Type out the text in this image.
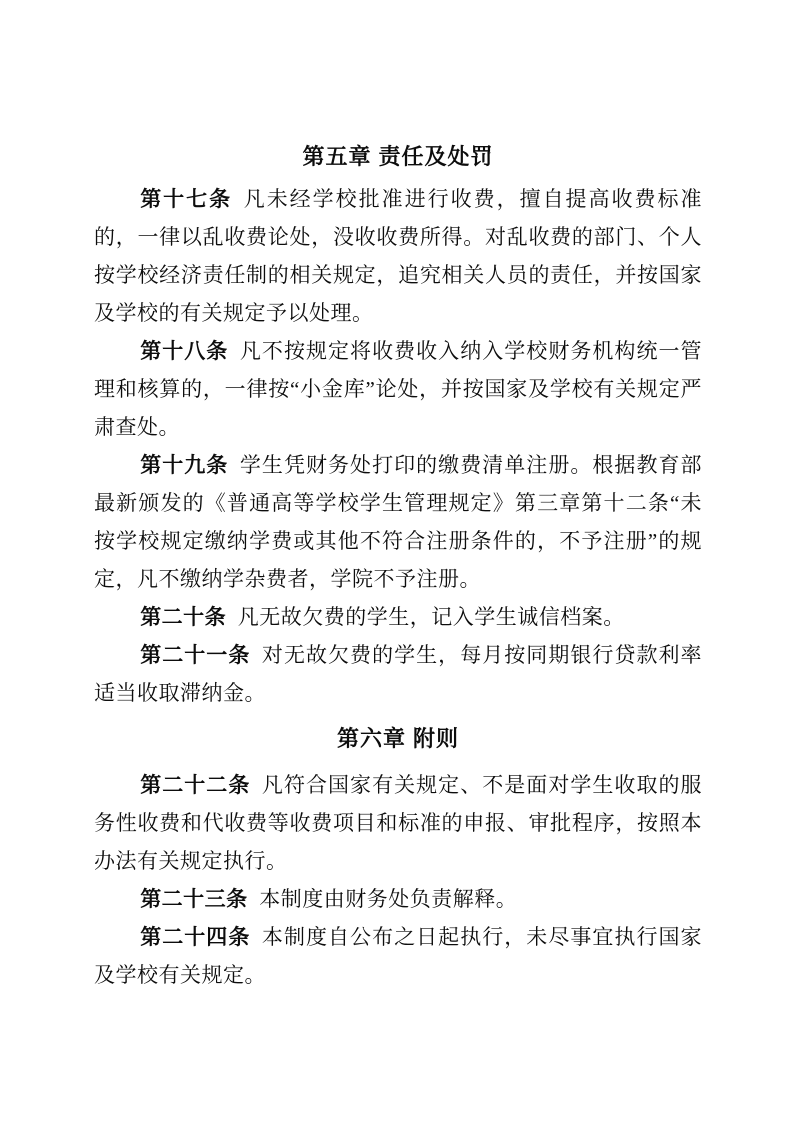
第五章 责任及处罚

第十七条 凡未经学校批准进行收费，擅自提高收费标准的，一律以乱收费论处，没收收费所得。对乱收费的部门、个人按学校经济责任制的相关规定，追究相关人员的责任，并按国家及学校的有关规定予以处理。

第十八条 凡不按规定将收费收入纳入学校财务机构统一管理和核算的，一律按“小金库”论处，并按国家及学校有关规定严肃查处。

第十九条 学生凭财务处打印的缴费清单注册。根据教育部最新颁发的《普通高等学校学生管理规定》第三章第十二条“未按学校规定缴纳学费或其他不符合注册条件的，不予注册”的规定，凡不缴纳学杂费者，学院不予注册。

第二十条 凡无故欠费的学生，记入学生诚信档案。

第二十一条 对无故欠费的学生，每月按同期银行贷款利率适当收取滞纳金。

第六章 附则

第二十二条 凡符合国家有关规定、不是面对学生收取的服务性收费和代收费等收费项目和标准的申报、审批程序，按照本办法有关规定执行。

第二十三条 本制度由财务处负责解释。

第二十四条 本制度自公布之日起执行，未尽事宜执行国家及学校有关规定。
